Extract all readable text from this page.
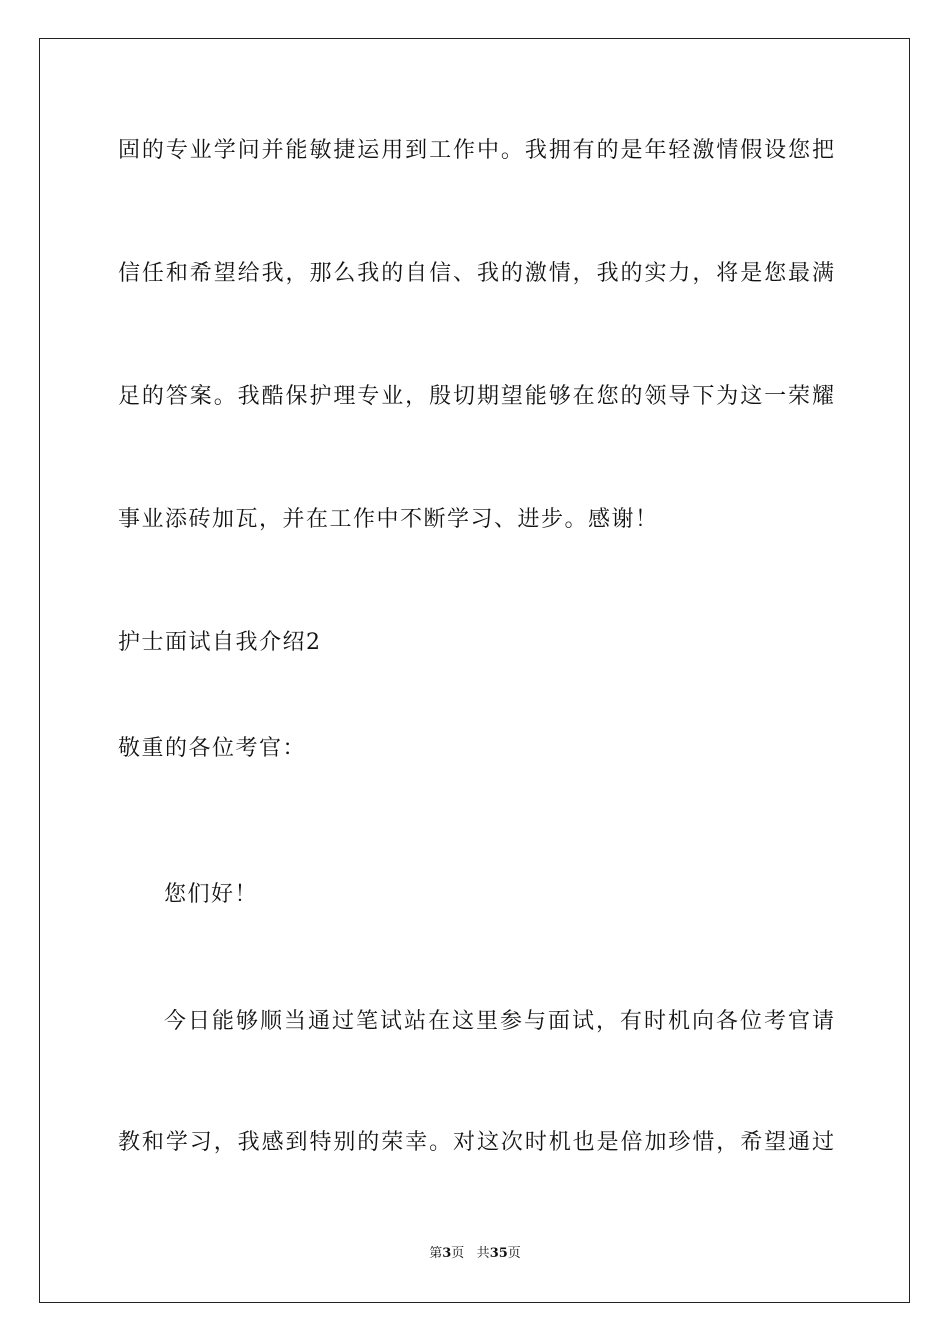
固的专业学问并能敏捷运用到工作中。我拥有的是年轻激情假设您把
信任和希望给我，那么我的自信、我的激情，我的实力，将是您最满
足的答案。我酷保护理专业，殷切期望能够在您的领导下为这一荣耀
事业添砖加瓦，并在工作中不断学习、进步。感谢！
护士面试自我介绍2
敬重的各位考官：
您们好！
今日能够顺当通过笔试站在这里参与面试，有时机向各位考官请
教和学习，我感到特别的荣幸。对这次时机也是倍加珍惜，希望通过
第3页 共35页
